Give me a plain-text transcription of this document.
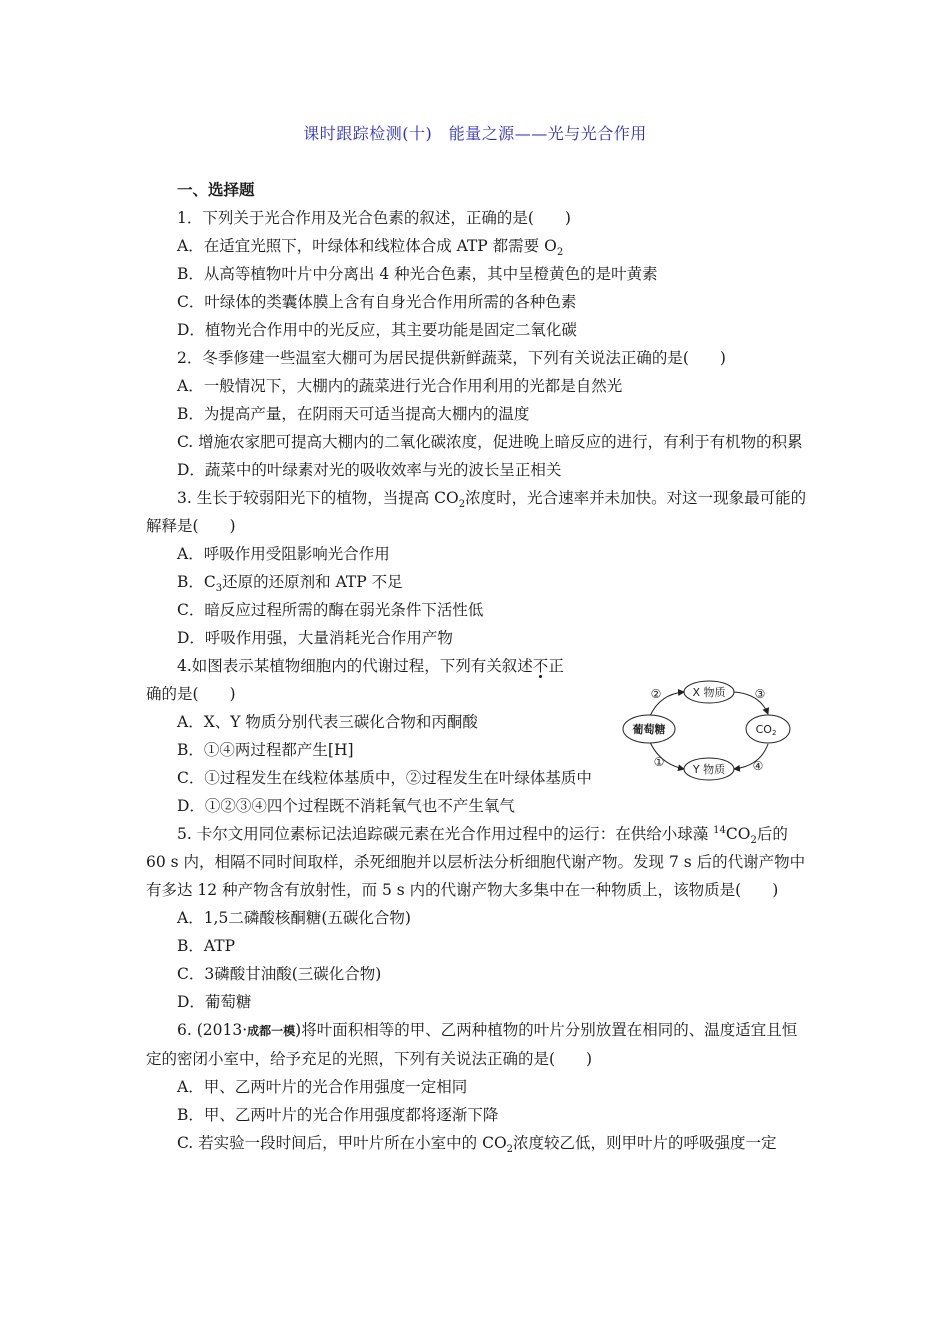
课时跟踪检测(十)　能量之源——光与光合作用
一、选择题
1．下列关于光合作用及光合色素的叙述，正确的是(　　)
A．在适宜光照下，叶绿体和线粒体合成 ATP 都需要 $O_2$
B．从高等植物叶片中分离出 4 种光合色素，其中呈橙黄色的是叶黄素
C．叶绿体的类囊体膜上含有自身光合作用所需的各种色素
D．植物光合作用中的光反应，其主要功能是固定二氧化碳
2．冬季修建一些温室大棚可为居民提供新鲜蔬菜，下列有关说法正确的是(　　)
A．一般情况下，大棚内的蔬菜进行光合作用利用的光都是自然光
B．为提高产量，在阴雨天可适当提高大棚内的温度
C. 增施农家肥可提高大棚内的二氧化碳浓度，促进晚上暗反应的进行，有利于有机物的积累
D．蔬菜中的叶绿素对光的吸收效率与光的波长呈正相关
3. 生长于较弱阳光下的植物，当提高 $CO_2$浓度时，光合速率并未加快。对这一现象最可能的解释是(　　)
A．呼吸作用受阻影响光合作用
B．$C_3$还原的还原剂和 ATP 不足
C．暗反应过程所需的酶在弱光条件下活性低
D．呼吸作用强，大量消耗光合作用产物
4.如图表示某植物细胞内的代谢过程，下列有关叙述不正
确的是(　　)
A．X、Y 物质分别代表三碳化合物和丙酮酸
B．①④两过程都产生[H]
C．①过程发生在线粒体基质中，②过程发生在叶绿体基质中
D．①②③④四个过程既不消耗氧气也不产生氧气
5. 卡尔文用同位素标记法追踪碳元素在光合作用过程中的运行：在供给小球藻 $^{14}CO_2$后的 60 s 内，相隔不同时间取样，杀死细胞并以层析法分析细胞代谢产物。发现 7 s 后的代谢产物中有多达 12 种产物含有放射性，而 5 s 内的代谢产物大多集中在一种物质上，该物质是(　　)
A．1,5二磷酸核酮糖(五碳化合物)
B．ATP
C．3磷酸甘油酸(三碳化合物)
D．葡萄糖
6. (2013·成都一模)将叶面积相等的甲、乙两种植物的叶片分别放置在相同的、温度适宜且恒定的密闭小室中，给予充足的光照，下列有关说法正确的是(　　)
A．甲、乙两叶片的光合作用强度一定相同
B．甲、乙两叶片的光合作用强度都将逐渐下降
C. 若实验一段时间后，甲叶片所在小室中的 $CO_2$浓度较乙低，则甲叶片的呼吸强度一定
X 物质
葡萄糖	CO2
Y 物质
②	③
①	④
